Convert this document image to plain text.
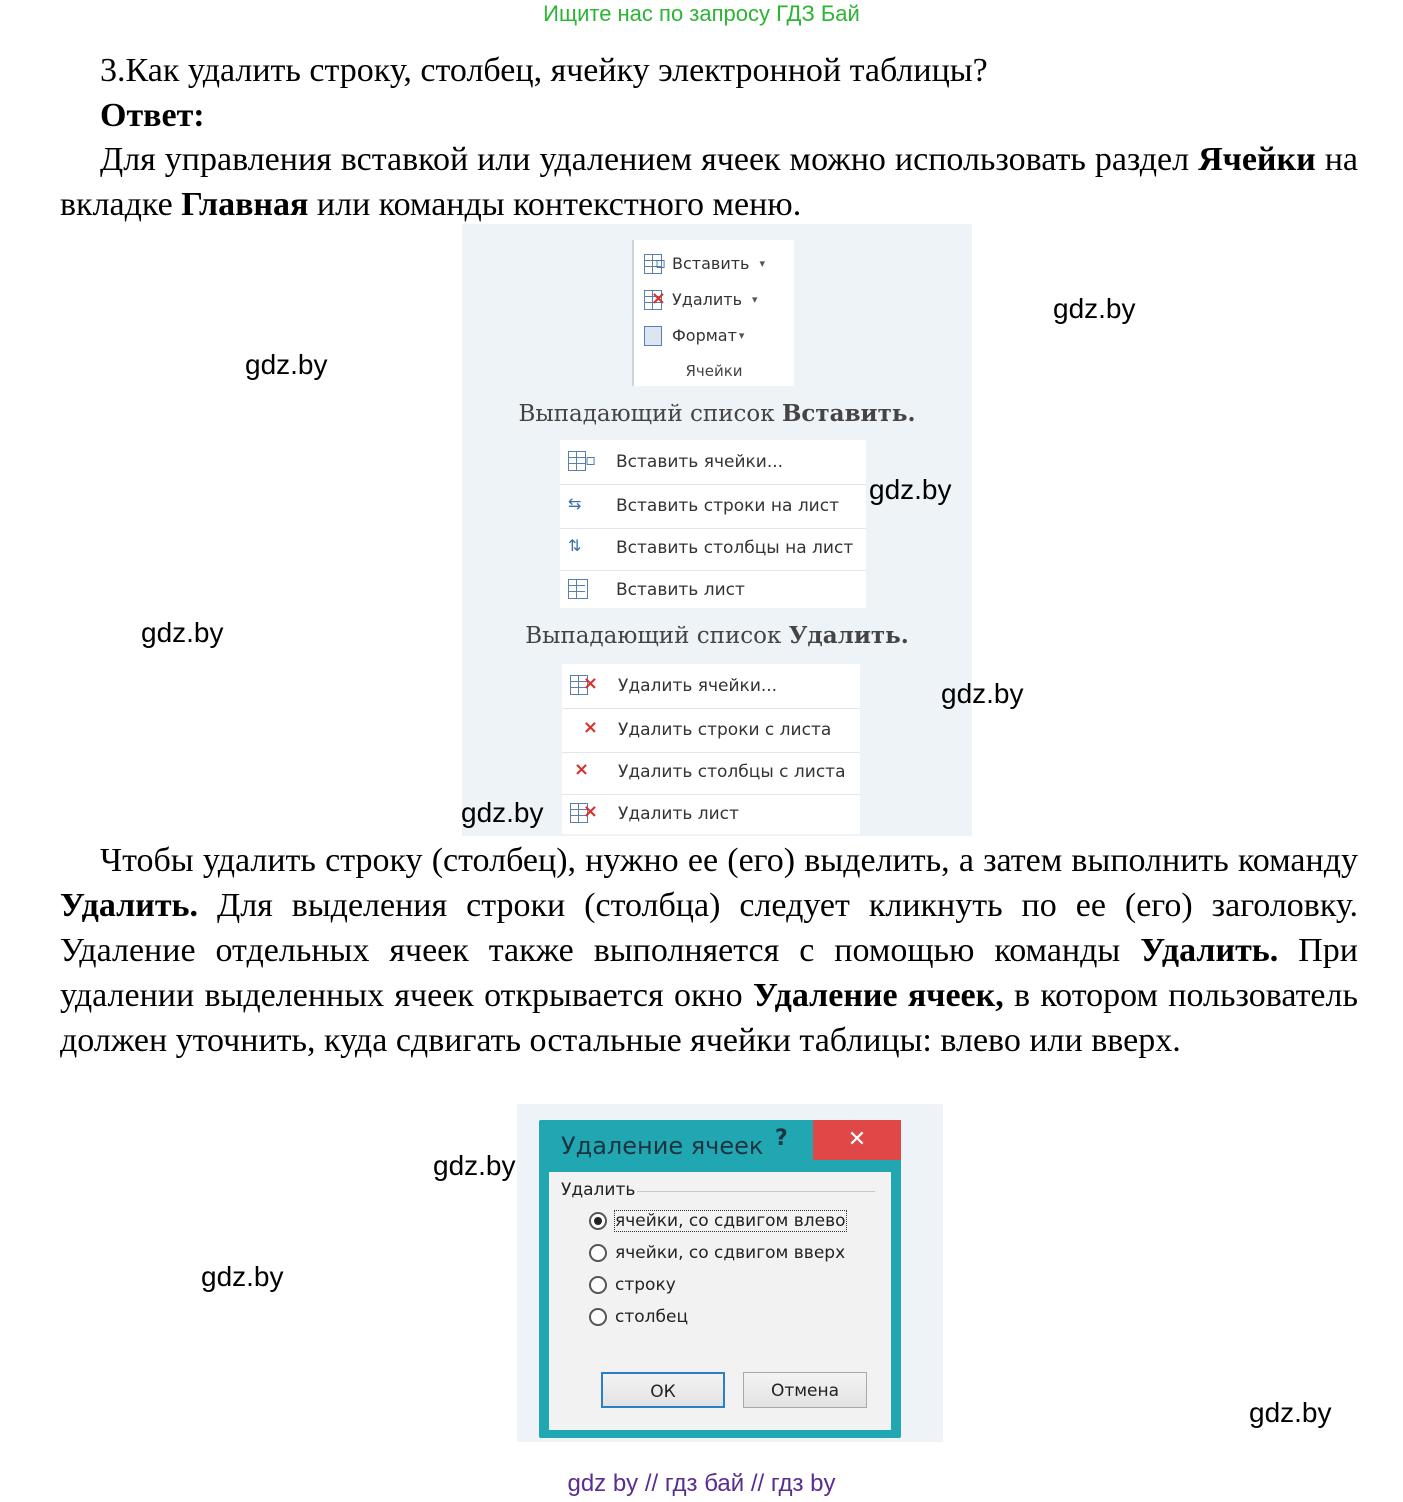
Ищите нас по запросу ГДЗ Бай

3.Как удалить строку, столбец, ячейку электронной таблицы?

Ответ:

Для управления вставкой или удалением ячеек можно использовать раздел Ячейки на вкладке Главная или команды контекстного меню.

▫ Вставить ▾
× Удалить ▾
Формат ▾
Ячейки
Выпадающий список Вставить.
▫ Вставить ячейки...
⇆	Вставить строки на лист
⇅	Вставить столбцы на лист
Вставить лист
Выпадающий список Удалить.
× Удалить ячейки...
× Удалить строки с листа
×	Удалить столбцы с листа
× Удалить лист

Чтобы удалить строку (столбец), нужно ее (его) выделить, а затем выполнить команду Удалить. Для выделения строки (столбца) следует кликнуть по ее (его) заголовку. Удаление отдельных ячеек также выполняется с помощью команды Удалить. При удалении выделенных ячеек открывается окно Удаление ячеек, в котором пользователь должен уточнить, куда сдвигать остальные ячейки таблицы: влево или вверх.

Удаление ячеек ?	✕
Удалить
ячейки, со сдвигом влево
ячейки, со сдвигом вверх
строку
столбец
ОК	Отмена
gdz.by
gdz.by
gdz.by
gdz.by
gdz.by
gdz.by
gdz.by
gdz.by
gdz.by
gdz by // гдз бай // гдз by
